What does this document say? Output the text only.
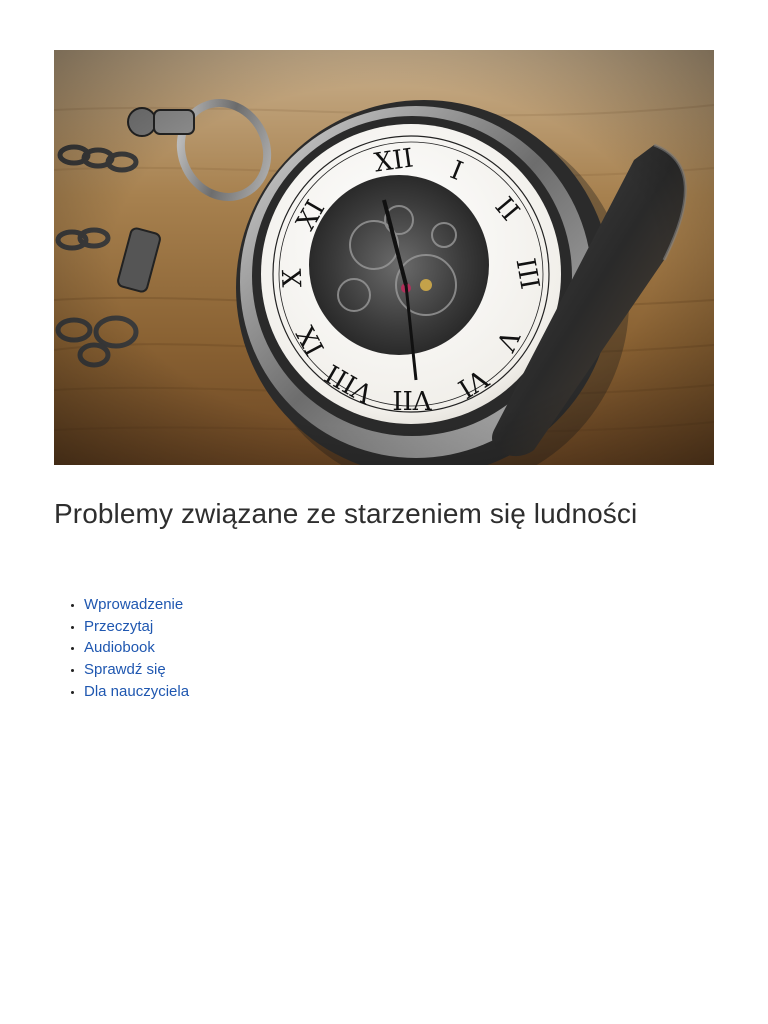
Problemy związane ze starzeniem się ludności
• Wprowadzenie
• Przeczytaj
• Audiobook
• Sprawdź się
• Dla nauczyciela
